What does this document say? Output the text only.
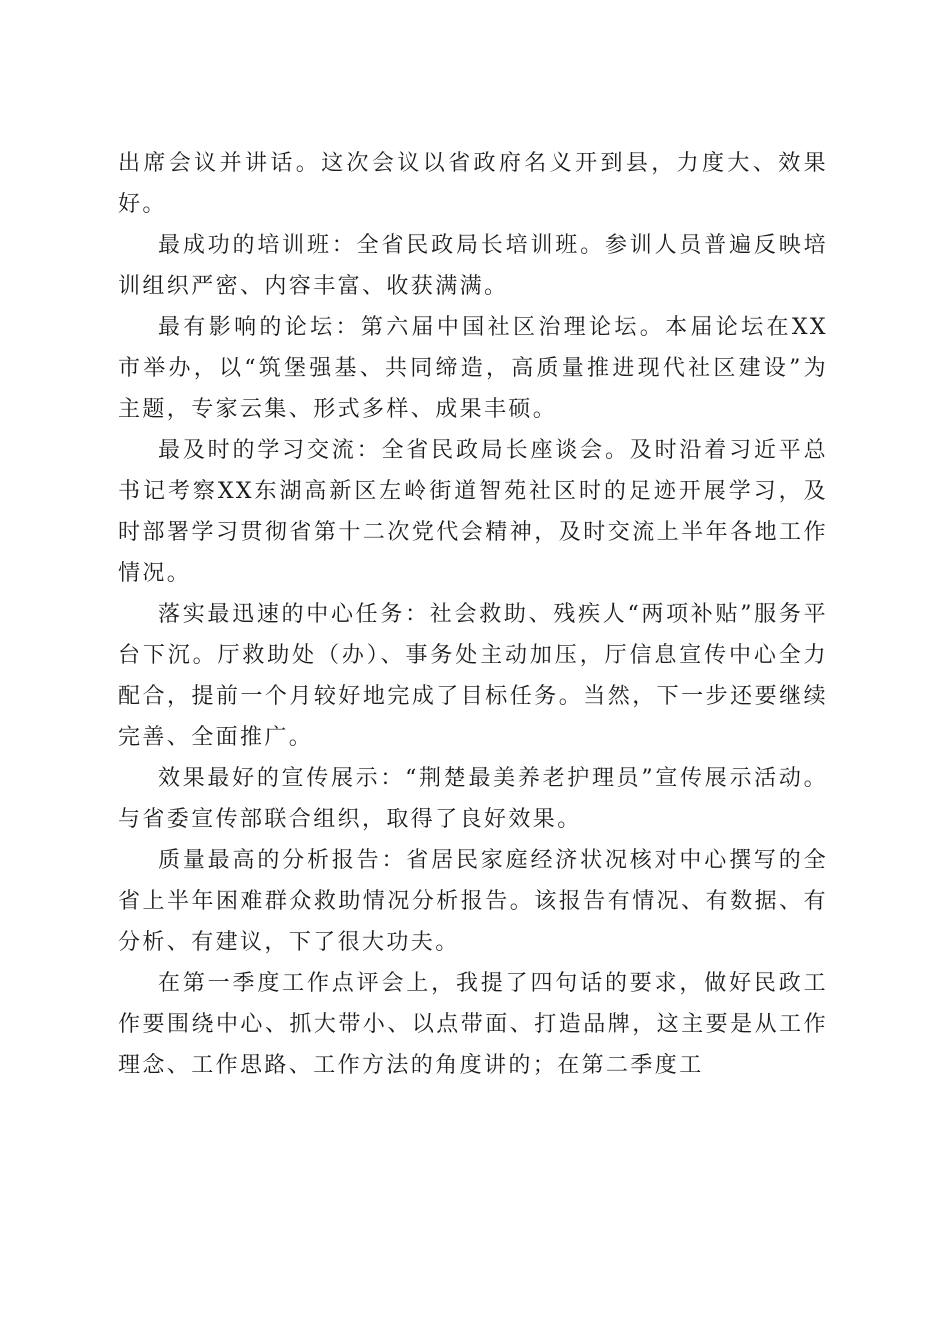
出席会议并讲话。这次会议以省政府名义开到县，力度大、效果好。

最成功的培训班：全省民政局长培训班。参训人员普遍反映培训组织严密、内容丰富、收获满满。

最有影响的论坛：第六届中国社区治理论坛。本届论坛在XX市举办，以“筑堡强基、共同缔造，高质量推进现代社区建设”为主题，专家云集、形式多样、成果丰硕。

最及时的学习交流：全省民政局长座谈会。及时沿着习近平总书记考察XX东湖高新区左岭街道智苑社区时的足迹开展学习，及时部署学习贯彻省第十二次党代会精神，及时交流上半年各地工作情况。

落实最迅速的中心任务：社会救助、残疾人“两项补贴”服务平台下沉。厅救助处（办）、事务处主动加压，厅信息宣传中心全力配合，提前一个月较好地完成了目标任务。当然，下一步还要继续完善、全面推广。

效果最好的宣传展示：“荆楚最美养老护理员”宣传展示活动。与省委宣传部联合组织，取得了良好效果。

质量最高的分析报告：省居民家庭经济状况核对中心撰写的全省上半年困难群众救助情况分析报告。该报告有情况、有数据、有分析、有建议，下了很大功夫。

在第一季度工作点评会上，我提了四句话的要求，做好民政工作要围绕中心、抓大带小、以点带面、打造品牌，这主要是从工作理念、工作思路、工作方法的角度讲的；在第二季度工
